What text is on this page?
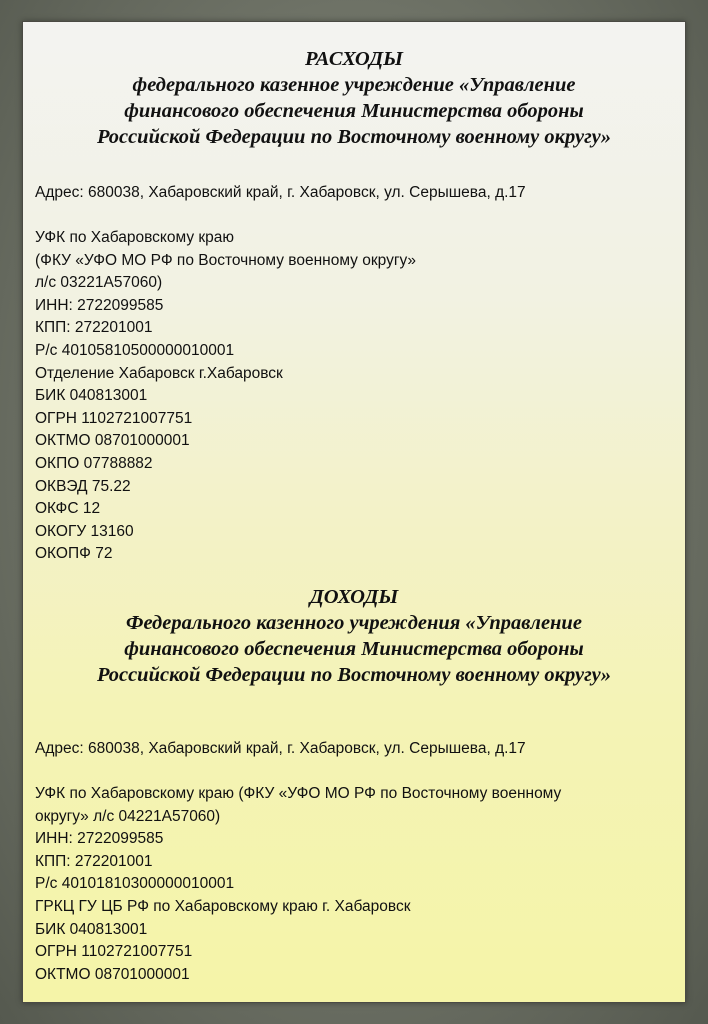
РАСХОДЫ
федерального казенное учреждение «Управление
финансового обеспечения Министерства обороны
Российской Федерации по Восточному военному округу»
Адрес: 680038, Хабаровский край, г. Хабаровск, ул. Серышева, д.17
УФК по Хабаровскому краю
(ФКУ «УФО МО РФ по Восточному военному округу»
л/с 03221А57060)
ИНН: 2722099585
КПП: 272201001
Р/с 40105810500000010001
Отделение Хабаровск г.Хабаровск
БИК 040813001
ОГРН 1102721007751
ОКТМО 08701000001
ОКПО 07788882
ОКВЭД 75.22
ОКФС 12
ОКОГУ 13160
ОКОПФ 72
ДОХОДЫ
Федерального казенного учреждения «Управление
финансового обеспечения Министерства обороны
Российской Федерации по Восточному военному округу»
Адрес: 680038, Хабаровский край, г. Хабаровск, ул. Серышева, д.17
УФК по Хабаровскому краю (ФКУ «УФО МО РФ по Восточному военному
округу» л/с 04221А57060)
ИНН: 2722099585
КПП: 272201001
Р/с 40101810300000010001
ГРКЦ ГУ ЦБ РФ по Хабаровскому краю г. Хабаровск
БИК 040813001
ОГРН 1102721007751
ОКТМО 08701000001
